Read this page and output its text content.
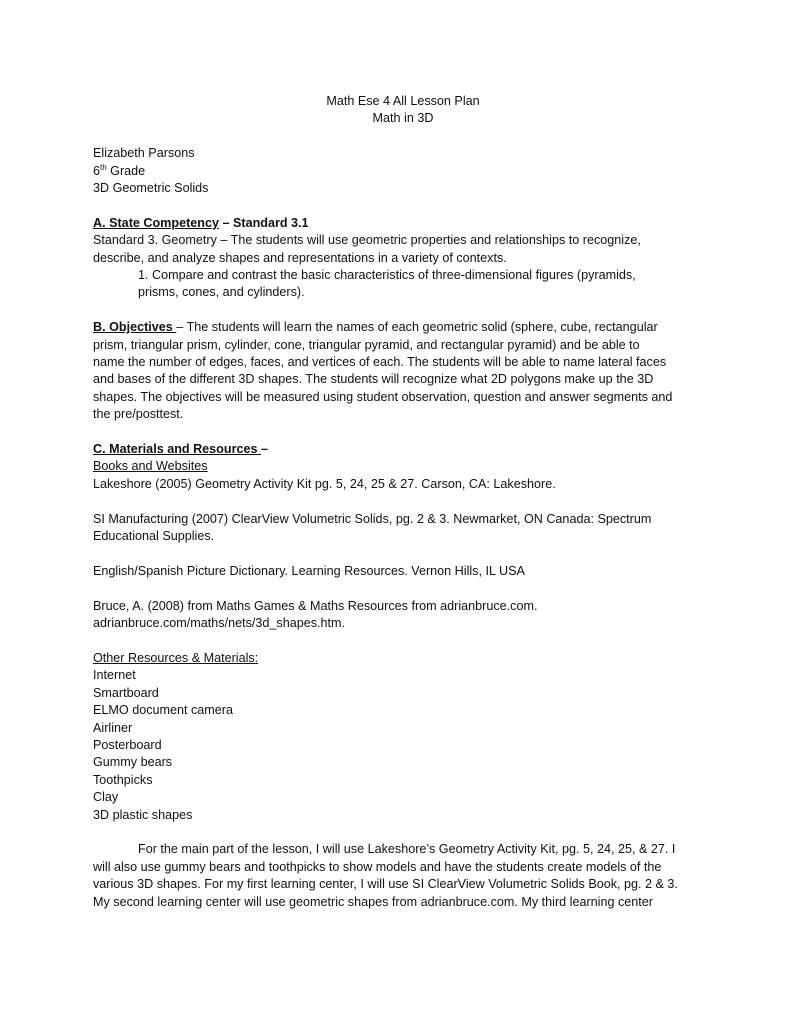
Math Ese 4 All Lesson Plan
Math in 3D
Elizabeth Parsons
6th Grade
3D Geometric Solids
A. State Competency – Standard 3.1
Standard 3. Geometry – The students will use geometric properties and relationships to recognize,
describe, and analyze shapes and representations in a variety of contexts.
1. Compare and contrast the basic characteristics of three-dimensional figures (pyramids,
prisms, cones, and cylinders).
B. Objectives – The students will learn the names of each geometric solid (sphere, cube, rectangular
prism, triangular prism, cylinder, cone, triangular pyramid, and rectangular pyramid) and be able to
name the number of edges, faces, and vertices of each. The students will be able to name lateral faces
and bases of the different 3D shapes. The students will recognize what 2D polygons make up the 3D
shapes. The objectives will be measured using student observation, question and answer segments and
the pre/posttest.
C. Materials and Resources –
Books and Websites
Lakeshore (2005) Geometry Activity Kit pg. 5, 24, 25 & 27. Carson, CA: Lakeshore.
SI Manufacturing (2007) ClearView Volumetric Solids, pg. 2 & 3. Newmarket, ON Canada: Spectrum
Educational Supplies.
English/Spanish Picture Dictionary. Learning Resources. Vernon Hills, IL USA
Bruce, A. (2008) from Maths Games & Maths Resources from adrianbruce.com.
adrianbruce.com/maths/nets/3d_shapes.htm.
Other Resources & Materials:
Internet
Smartboard
ELMO document camera
Airliner
Posterboard
Gummy bears
Toothpicks
Clay
3D plastic shapes
For the main part of the lesson, I will use Lakeshore’s Geometry Activity Kit, pg. 5, 24, 25, & 27. I
will also use gummy bears and toothpicks to show models and have the students create models of the
various 3D shapes. For my first learning center, I will use SI ClearView Volumetric Solids Book, pg. 2 & 3.
My second learning center will use geometric shapes from adrianbruce.com. My third learning center
